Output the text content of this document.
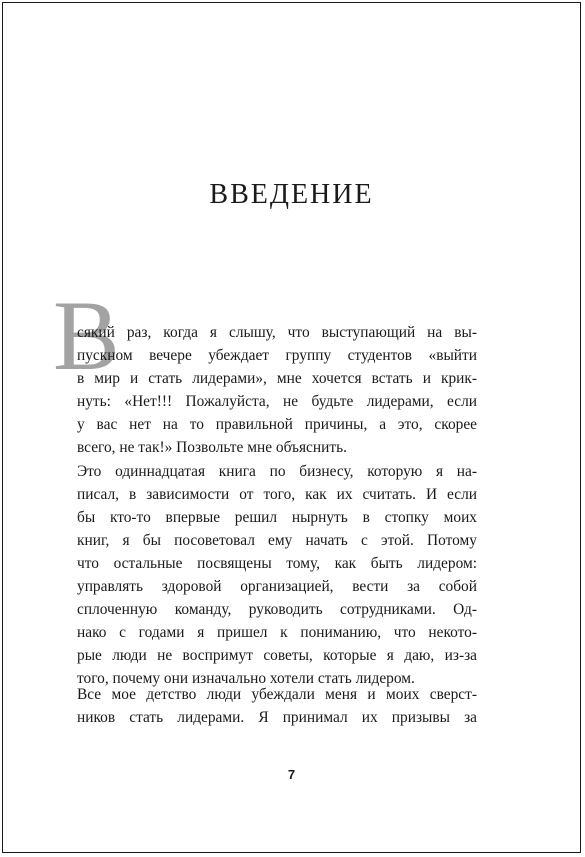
ВВЕДЕНИЕ
В
сякий раз, когда я слышу, что выступающий на вы-
пускном вечере убеждает группу студентов «выйти
в мир и стать лидерами», мне хочется встать и крик-
нуть: «Нет!!! Пожалуйста, не будьте лидерами, если
у вас нет на то правильной причины, а это, скорее
всего, не так!» Позвольте мне объяснить.
Это одиннадцатая книга по бизнесу, которую я на-
писал, в зависимости от того, как их считать. И если
бы кто-то впервые решил нырнуть в стопку моих
книг, я бы посоветовал ему начать с этой. Потому
что остальные посвящены тому, как быть лидером:
управлять здоровой организацией, вести за собой
сплоченную команду, руководить сотрудниками. Од-
нако с годами я пришел к пониманию, что некото-
рые люди не воспримут советы, которые я даю, из-за
того, почему они изначально хотели стать лидером.
Все мое детство люди убеждали меня и моих сверст-
ников стать лидерами. Я принимал их призывы за
7
